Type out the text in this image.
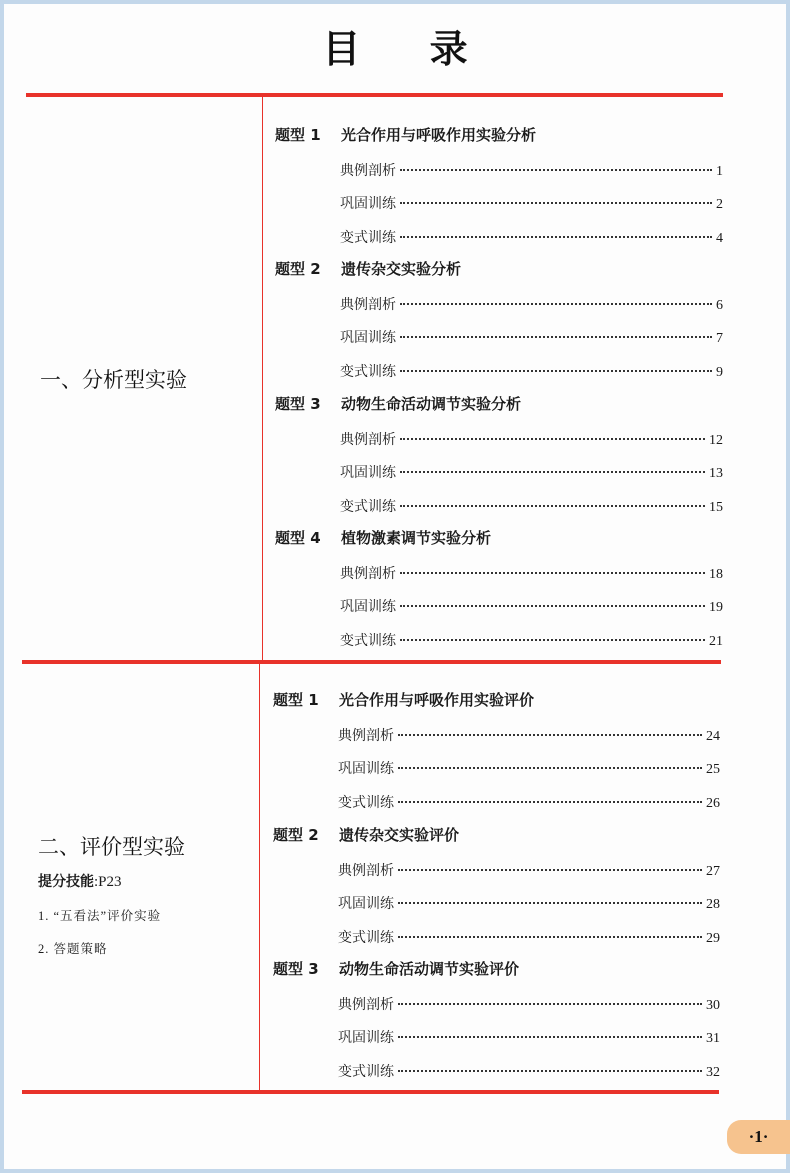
目 录
一、分析型实验
二、评价型实验
提分技能:P23
1. “五看法”评价实验
2. 答题策略
题型 1 光合作用与呼吸作用实验分析
典例剖析	1
巩固训练	2
变式训练	4
题型 2 遗传杂交实验分析
典例剖析	6
巩固训练	7
变式训练	9
题型 3 动物生命活动调节实验分析
典例剖析	12
巩固训练	13
变式训练	15
题型 4 植物激素调节实验分析
典例剖析	18
巩固训练	19
变式训练	21
题型 1 光合作用与呼吸作用实验评价
典例剖析	24
巩固训练	25
变式训练	26
题型 2 遗传杂交实验评价
典例剖析	27
巩固训练	28
变式训练	29
题型 3 动物生命活动调节实验评价
典例剖析	30
巩固训练	31
变式训练	32
·1·
